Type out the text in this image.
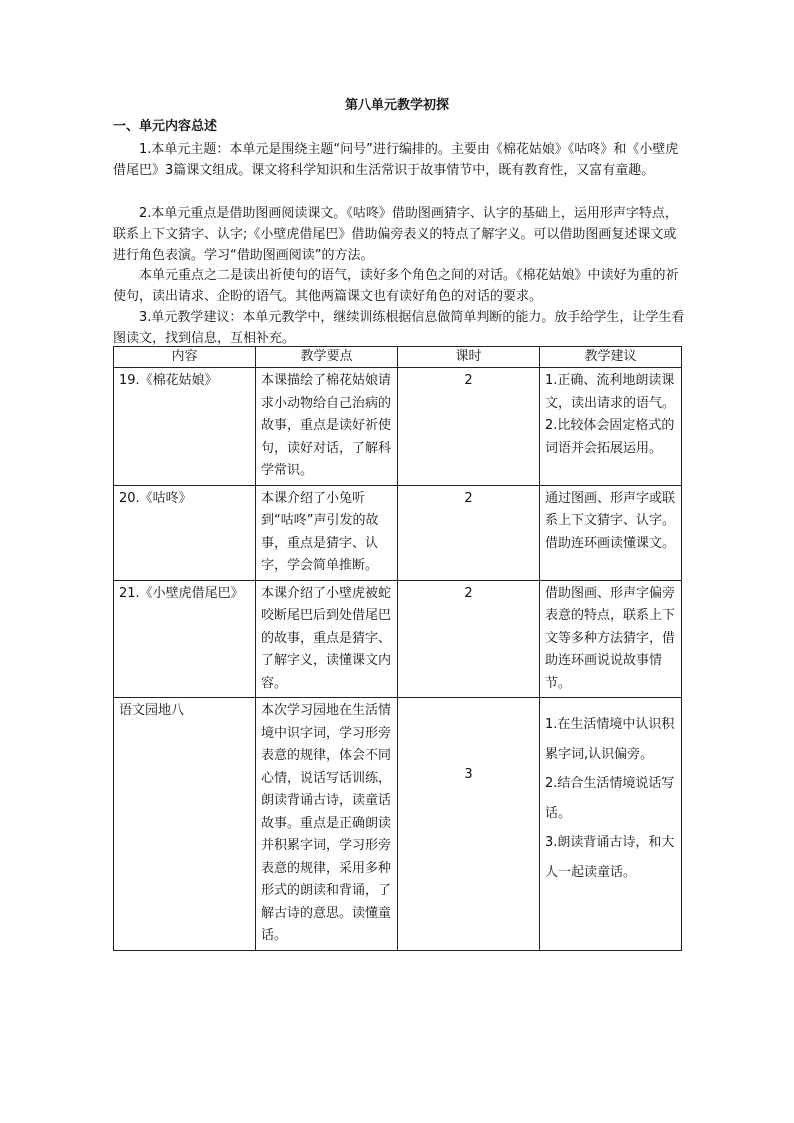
第八单元教学初探
一、单元内容总述

1.本单元主题：本单元是围绕主题“问号”进行编排的。主要由《棉花姑娘》《咕咚》和《小壁虎借尾巴》3篇课文组成。课文将科学知识和生活常识于故事情节中，既有教育性，又富有童趣。

2.本单元重点是借助图画阅读课文。《咕咚》借助图画猜字、认字的基础上，运用形声字特点，联系上下文猜字、认字;《小壁虎借尾巴》借助偏旁表义的特点了解字义。可以借助图画复述课文或进行角色表演。学习“借助图画阅读”的方法。

本单元重点之二是读出祈使句的语气，读好多个角色之间的对话。《棉花姑娘》中读好为重的祈使句，读出请求、企盼的语气。其他两篇课文也有读好角色的对话的要求。

3.单元教学建议：本单元教学中，继续训练根据信息做简单判断的能力。放手给学生，让学生看图读文，找到信息，互相补充。

内容	教学要点	课时	教学建议
19.《棉花姑娘》	本课描绘了棉花姑娘请求小动物给自己治病的故事，重点是读好祈使句，读好对话，了解科学常识。	2	1.正确、流利地朗读课文，读出请求的语气。
2.比较体会固定格式的词语并会拓展运用。

20.《咕咚》	本课介绍了小兔听到“咕咚”声引发的故事，重点是猜字、认字，学会简单推断。	2	通过图画、形声字或联系上下文猜字、认字。借助连环画读懂课文。

21.《小壁虎借尾巴》	本课介绍了小壁虎被蛇咬断尾巴后到处借尾巴的故事，重点是猜字、了解字义，读懂课文内容。	2	借助图画、形声字偏旁表意的特点，联系上下文等多种方法猜字，借助连环画说说故事情节。

语文园地八	本次学习园地在生活情境中识字词，学习形旁表意的规律，体会不同心情，说话写话训练，朗读背诵古诗，读童话故事。重点是正确朗读并积累字词，学习形旁表意的规律，采用多种形式的朗读和背诵，了解古诗的意思。读懂童话。	3	1.在生活情境中认识积累字词,认识偏旁。
2.结合生活情境说话写话。
3.朗读背诵古诗，和大人一起读童话。
